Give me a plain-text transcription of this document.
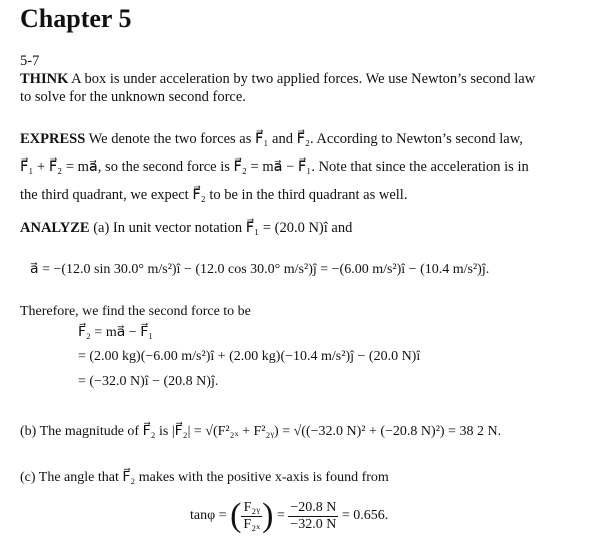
Chapter 5
5-7
THINK A box is under acceleration by two applied forces. We use Newton’s second law
to solve for the unknown second force.
EXPRESS We denote the two forces as F⃗₁ and F⃗₂. According to Newton’s second law,
F⃗₁ + F⃗₂ = ma⃗, so the second force is F⃗₂ = ma⃗ − F⃗₁. Note that since the acceleration is in
the third quadrant, we expect F⃗₂ to be in the third quadrant as well.
ANALYZE (a) In unit vector notation F⃗₁ = (20.0 N)î and
a⃗ = −(12.0 sin 30.0° m/s²)î − (12.0 cos 30.0° m/s²)ĵ = −(6.00 m/s²)î − (10.4 m/s²)ĵ.
Therefore, we find the second force to be
F⃗₂ = ma⃗ − F⃗₁
= (2.00 kg)(−6.00 m/s²)î + (2.00 kg)(−10.4 m/s²)ĵ − (20.0 N)î
= (−32.0 N)î − (20.8 N)ĵ.
(b) The magnitude of F⃗₂ is |F⃗₂| = √(F²₂ₓ + F²₂ᵧ) = √((−32.0 N)² + (−20.8 N)²) = 38 2 N.
(c) The angle that F⃗₂ makes with the positive x-axis is found from
tanφ = ( $\frac{\text{F₂ᵧ}}{\text{F₂ₓ}}$ ) = $\frac{-20.8 N}{-32.0 N} = 0.656$.
